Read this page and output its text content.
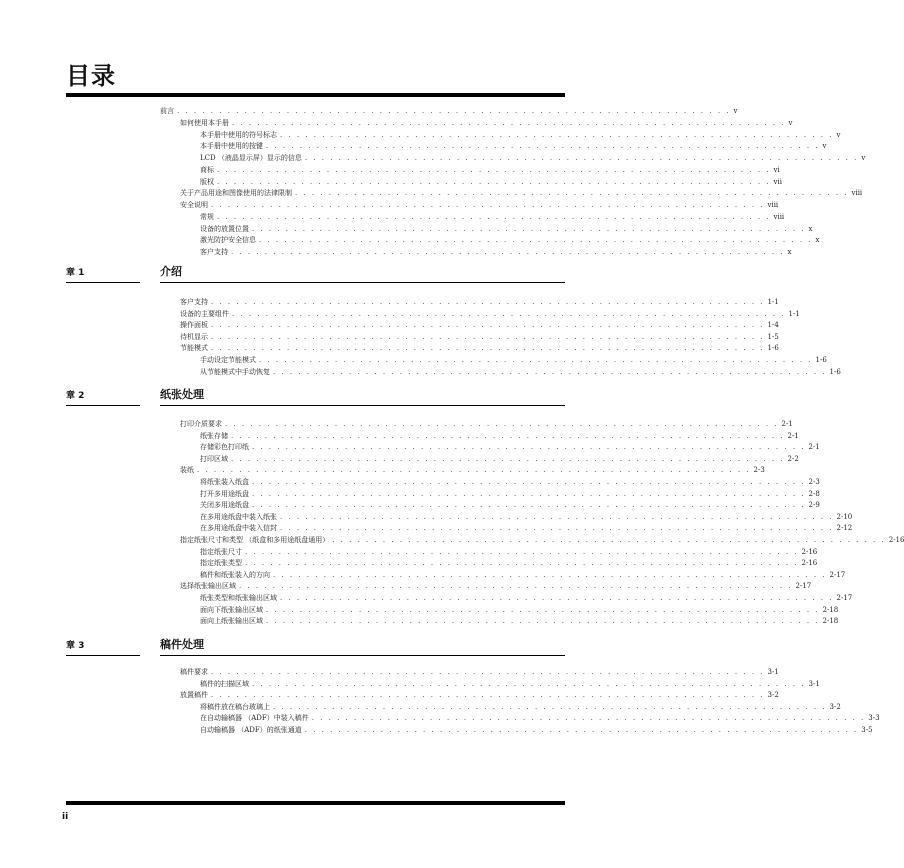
目录
前言 . . . . . . . . . . . . . . . . . . . . . . . . . . . . . . . . . . . . . . . . . . . . . . . . . . . . . . . . . . . . . . . . . . v
如何使用本手册 . . . . . . . . . . . . . . . . . . . . . . . . . . . . . . . . . . . . . . . . . . . . . . . . . . . . . . . . . . . . . . . . . . v
本手册中使用的符号标志 . . . . . . . . . . . . . . . . . . . . . . . . . . . . . . . . . . . . . . . . . . . . . . . . . . . . . . . . . . . . . . . . . . v
本手册中使用的按键 . . . . . . . . . . . . . . . . . . . . . . . . . . . . . . . . . . . . . . . . . . . . . . . . . . . . . . . . . . . . . . . . . . v
LCD （液晶显示屏）显示的信息 . . . . . . . . . . . . . . . . . . . . . . . . . . . . . . . . . . . . . . . . . . . . . . . . . . . . . . . . . . . . . . . . . . v
商标 . . . . . . . . . . . . . . . . . . . . . . . . . . . . . . . . . . . . . . . . . . . . . . . . . . . . . . . . . . . . . . . . . . vi
版权 . . . . . . . . . . . . . . . . . . . . . . . . . . . . . . . . . . . . . . . . . . . . . . . . . . . . . . . . . . . . . . . . . . vii
关于产品用途和图像使用的法律限制 . . . . . . . . . . . . . . . . . . . . . . . . . . . . . . . . . . . . . . . . . . . . . . . . . . . . . . . . . . . . . . . . . . viii
安全说明 . . . . . . . . . . . . . . . . . . . . . . . . . . . . . . . . . . . . . . . . . . . . . . . . . . . . . . . . . . . . . . . . . . viii
常规 . . . . . . . . . . . . . . . . . . . . . . . . . . . . . . . . . . . . . . . . . . . . . . . . . . . . . . . . . . . . . . . . . . viii
设备的放置位置 . . . . . . . . . . . . . . . . . . . . . . . . . . . . . . . . . . . . . . . . . . . . . . . . . . . . . . . . . . . . . . . . . . x
激光防护安全信息 . . . . . . . . . . . . . . . . . . . . . . . . . . . . . . . . . . . . . . . . . . . . . . . . . . . . . . . . . . . . . . . . . . x
客户支持 . . . . . . . . . . . . . . . . . . . . . . . . . . . . . . . . . . . . . . . . . . . . . . . . . . . . . . . . . . . . . . . . . . x
章 1	介绍
客户支持 . . . . . . . . . . . . . . . . . . . . . . . . . . . . . . . . . . . . . . . . . . . . . . . . . . . . . . . . . . . . . . . . . . 1-1
设备的主要组件 . . . . . . . . . . . . . . . . . . . . . . . . . . . . . . . . . . . . . . . . . . . . . . . . . . . . . . . . . . . . . . . . . . 1-1
操作面板 . . . . . . . . . . . . . . . . . . . . . . . . . . . . . . . . . . . . . . . . . . . . . . . . . . . . . . . . . . . . . . . . . . 1-4
待机显示 . . . . . . . . . . . . . . . . . . . . . . . . . . . . . . . . . . . . . . . . . . . . . . . . . . . . . . . . . . . . . . . . . . 1-5
节能模式 . . . . . . . . . . . . . . . . . . . . . . . . . . . . . . . . . . . . . . . . . . . . . . . . . . . . . . . . . . . . . . . . . . 1-6
手动设定节能模式 . . . . . . . . . . . . . . . . . . . . . . . . . . . . . . . . . . . . . . . . . . . . . . . . . . . . . . . . . . . . . . . . . . 1-6
从节能模式中手动恢复 . . . . . . . . . . . . . . . . . . . . . . . . . . . . . . . . . . . . . . . . . . . . . . . . . . . . . . . . . . . . . . . . . . 1-6
章 2	纸张处理
打印介质要求 . . . . . . . . . . . . . . . . . . . . . . . . . . . . . . . . . . . . . . . . . . . . . . . . . . . . . . . . . . . . . . . . . . 2-1
纸张存储 . . . . . . . . . . . . . . . . . . . . . . . . . . . . . . . . . . . . . . . . . . . . . . . . . . . . . . . . . . . . . . . . . . 2-1
存储彩色打印纸 . . . . . . . . . . . . . . . . . . . . . . . . . . . . . . . . . . . . . . . . . . . . . . . . . . . . . . . . . . . . . . . . . . 2-1
打印区域 . . . . . . . . . . . . . . . . . . . . . . . . . . . . . . . . . . . . . . . . . . . . . . . . . . . . . . . . . . . . . . . . . . 2-2
装纸 . . . . . . . . . . . . . . . . . . . . . . . . . . . . . . . . . . . . . . . . . . . . . . . . . . . . . . . . . . . . . . . . . . 2-3
将纸张装入纸盒 . . . . . . . . . . . . . . . . . . . . . . . . . . . . . . . . . . . . . . . . . . . . . . . . . . . . . . . . . . . . . . . . . . 2-3
打开多用途纸盘 . . . . . . . . . . . . . . . . . . . . . . . . . . . . . . . . . . . . . . . . . . . . . . . . . . . . . . . . . . . . . . . . . . 2-8
关闭多用途纸盘 . . . . . . . . . . . . . . . . . . . . . . . . . . . . . . . . . . . . . . . . . . . . . . . . . . . . . . . . . . . . . . . . . . 2-9
在多用途纸盘中装入纸张 . . . . . . . . . . . . . . . . . . . . . . . . . . . . . . . . . . . . . . . . . . . . . . . . . . . . . . . . . . . . . . . . . . 2-10
在多用途纸盘中装入信封 . . . . . . . . . . . . . . . . . . . . . . . . . . . . . . . . . . . . . . . . . . . . . . . . . . . . . . . . . . . . . . . . . . 2-12
指定纸张尺寸和类型 （纸盒和多用途纸盘通用） . . . . . . . . . . . . . . . . . . . . . . . . . . . . . . . . . . . . . . . . . . . . . . . . . . . . . . . . . . . . . . . . . . 2-16
指定纸张尺寸 . . . . . . . . . . . . . . . . . . . . . . . . . . . . . . . . . . . . . . . . . . . . . . . . . . . . . . . . . . . . . . . . . . 2-16
指定纸张类型 . . . . . . . . . . . . . . . . . . . . . . . . . . . . . . . . . . . . . . . . . . . . . . . . . . . . . . . . . . . . . . . . . . 2-16
稿件和纸张装入的方向 . . . . . . . . . . . . . . . . . . . . . . . . . . . . . . . . . . . . . . . . . . . . . . . . . . . . . . . . . . . . . . . . . . 2-17
选择纸张输出区域 . . . . . . . . . . . . . . . . . . . . . . . . . . . . . . . . . . . . . . . . . . . . . . . . . . . . . . . . . . . . . . . . . . 2-17
纸张类型和纸张输出区域 . . . . . . . . . . . . . . . . . . . . . . . . . . . . . . . . . . . . . . . . . . . . . . . . . . . . . . . . . . . . . . . . . . 2-17
面向下纸张输出区域 . . . . . . . . . . . . . . . . . . . . . . . . . . . . . . . . . . . . . . . . . . . . . . . . . . . . . . . . . . . . . . . . . . 2-18
面向上纸张输出区域 . . . . . . . . . . . . . . . . . . . . . . . . . . . . . . . . . . . . . . . . . . . . . . . . . . . . . . . . . . . . . . . . . . 2-18
章 3	稿件处理
稿件要求 . . . . . . . . . . . . . . . . . . . . . . . . . . . . . . . . . . . . . . . . . . . . . . . . . . . . . . . . . . . . . . . . . . 3-1
稿件的扫描区域 . . . . . . . . . . . . . . . . . . . . . . . . . . . . . . . . . . . . . . . . . . . . . . . . . . . . . . . . . . . . . . . . . . 3-1
放置稿件 . . . . . . . . . . . . . . . . . . . . . . . . . . . . . . . . . . . . . . . . . . . . . . . . . . . . . . . . . . . . . . . . . . 3-2
将稿件放在稿台玻璃上 . . . . . . . . . . . . . . . . . . . . . . . . . . . . . . . . . . . . . . . . . . . . . . . . . . . . . . . . . . . . . . . . . . 3-2
在自动输稿器 （ADF）中装入稿件 . . . . . . . . . . . . . . . . . . . . . . . . . . . . . . . . . . . . . . . . . . . . . . . . . . . . . . . . . . . . . . . . . . 3-3
自动输稿器 （ADF）的纸张通道 . . . . . . . . . . . . . . . . . . . . . . . . . . . . . . . . . . . . . . . . . . . . . . . . . . . . . . . . . . . . . . . . . . 3-5
ii
